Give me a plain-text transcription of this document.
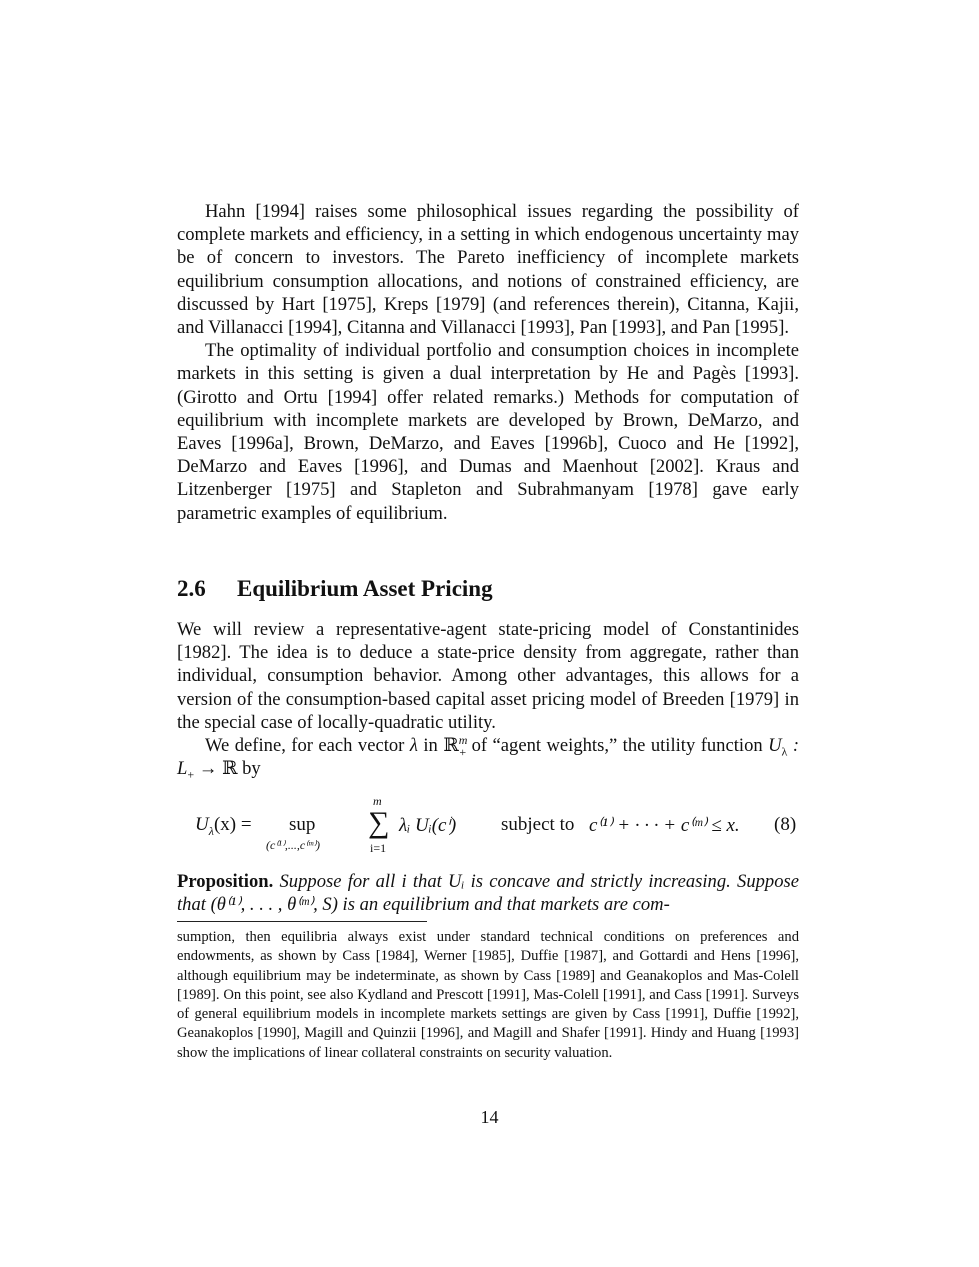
Hahn [1994] raises some philosophical issues regarding the possibility of complete markets and efficiency, in a setting in which endogenous uncertainty may be of concern to investors. The Pareto inefficiency of incomplete markets equilibrium consumption allocations, and notions of constrained efficiency, are discussed by Hart [1975], Kreps [1979] (and references therein), Citanna, Kajii, and Villanacci [1994], Citanna and Villanacci [1993], Pan [1993], and Pan [1995].

The optimality of individual portfolio and consumption choices in incomplete markets in this setting is given a dual interpretation by He and Pagès [1993]. (Girotto and Ortu [1994] offer related remarks.) Methods for computation of equilibrium with incomplete markets are developed by Brown, DeMarzo, and Eaves [1996a], Brown, DeMarzo, and Eaves [1996b], Cuoco and He [1992], DeMarzo and Eaves [1996], and Dumas and Maenhout [2002]. Kraus and Litzenberger [1975] and Stapleton and Subrahmanyam [1978] gave early parametric examples of equilibrium.

2.6 Equilibrium Asset Pricing

We will review a representative-agent state-pricing model of Constantinides [1982]. The idea is to deduce a state-price density from aggregate, rather than individual, consumption behavior. Among other advantages, this allows for a version of the consumption-based capital asset pricing model of Breeden [1979] in the special case of locally-quadratic utility.

We define, for each vector λ in ℝ$^m_+$ of “agent weights,” the utility function $U_\lambda$ : $L_+$ → ℝ by

$U_\lambda(x)$ = sup
(c⁽¹⁾,...,c⁽ᵐ⁾)
m
∑
i=1
λᵢ Uᵢ(cⁱ) subject to c⁽¹⁾ + · · · + c⁽ᵐ⁾ ≤ x. (8)

Proposition. Suppose for all i that Uᵢ is concave and strictly increasing. Suppose that (θ⁽¹⁾, . . . , θ⁽ᵐ⁾, S) is an equilibrium and that markets are com-

sumption, then equilibria always exist under standard technical conditions on preferences and endowments, as shown by Cass [1984], Werner [1985], Duffie [1987], and Gottardi and Hens [1996], although equilibrium may be indeterminate, as shown by Cass [1989] and Geanakoplos and Mas-Colell [1989]. On this point, see also Kydland and Prescott [1991], Mas-Colell [1991], and Cass [1991]. Surveys of general equilibrium models in incomplete markets settings are given by Cass [1991], Duffie [1992], Geanakoplos [1990], Magill and Quinzii [1996], and Magill and Shafer [1991]. Hindy and Huang [1993] show the implications of linear collateral constraints on security valuation.

14
